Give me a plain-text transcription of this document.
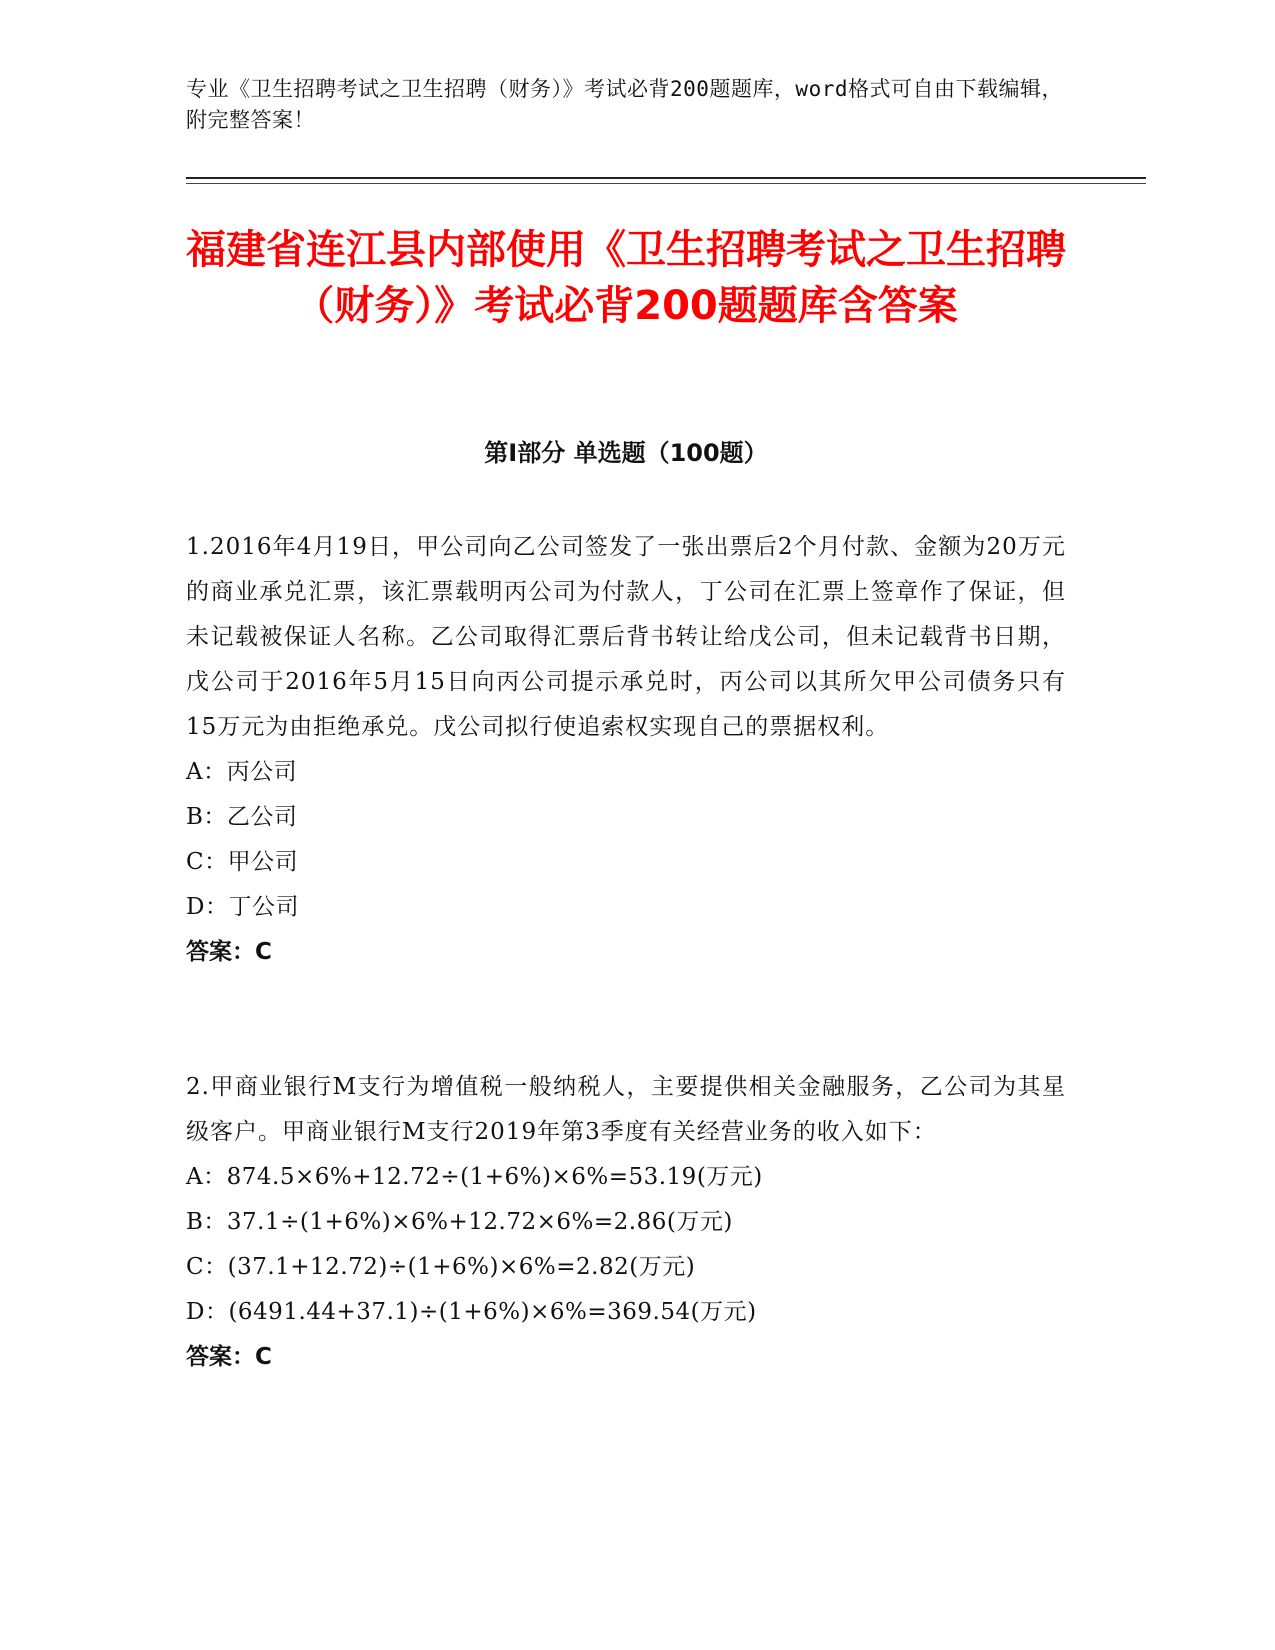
专业《卫生招聘考试之卫生招聘（财务）》考试必背200题题库，word格式可自由下载编辑，附完整答案！
福建省连江县内部使用《卫生招聘考试之卫生招聘（财务）》考试必背200题题库含答案
第Ⅰ部分 单选题（100题）
1.2016年4月19日，甲公司向乙公司签发了一张出票后2个月付款、金额为20万元的商业承兑汇票，该汇票载明丙公司为付款人，丁公司在汇票上签章作了保证，但未记载被保证人名称。乙公司取得汇票后背书转让给戊公司，但未记载背书日期，戊公司于2016年5月15日向丙公司提示承兑时，丙公司以其所欠甲公司债务只有15万元为由拒绝承兑。戊公司拟行使追索权实现自己的票据权利。
A：丙公司
B：乙公司
C：甲公司
D：丁公司
答案：C
2.甲商业银行M支行为增值税一般纳税人，主要提供相关金融服务，乙公司为其星级客户。甲商业银行M支行2019年第3季度有关经营业务的收入如下：
A：874.5×6%+12.72÷(1+6%)×6%=53.19(万元)
B：37.1÷(1+6%)×6%+12.72×6%=2.86(万元)
C：(37.1+12.72)÷(1+6%)×6%=2.82(万元)
D：(6491.44+37.1)÷(1+6%)×6%=369.54(万元)
答案：C
